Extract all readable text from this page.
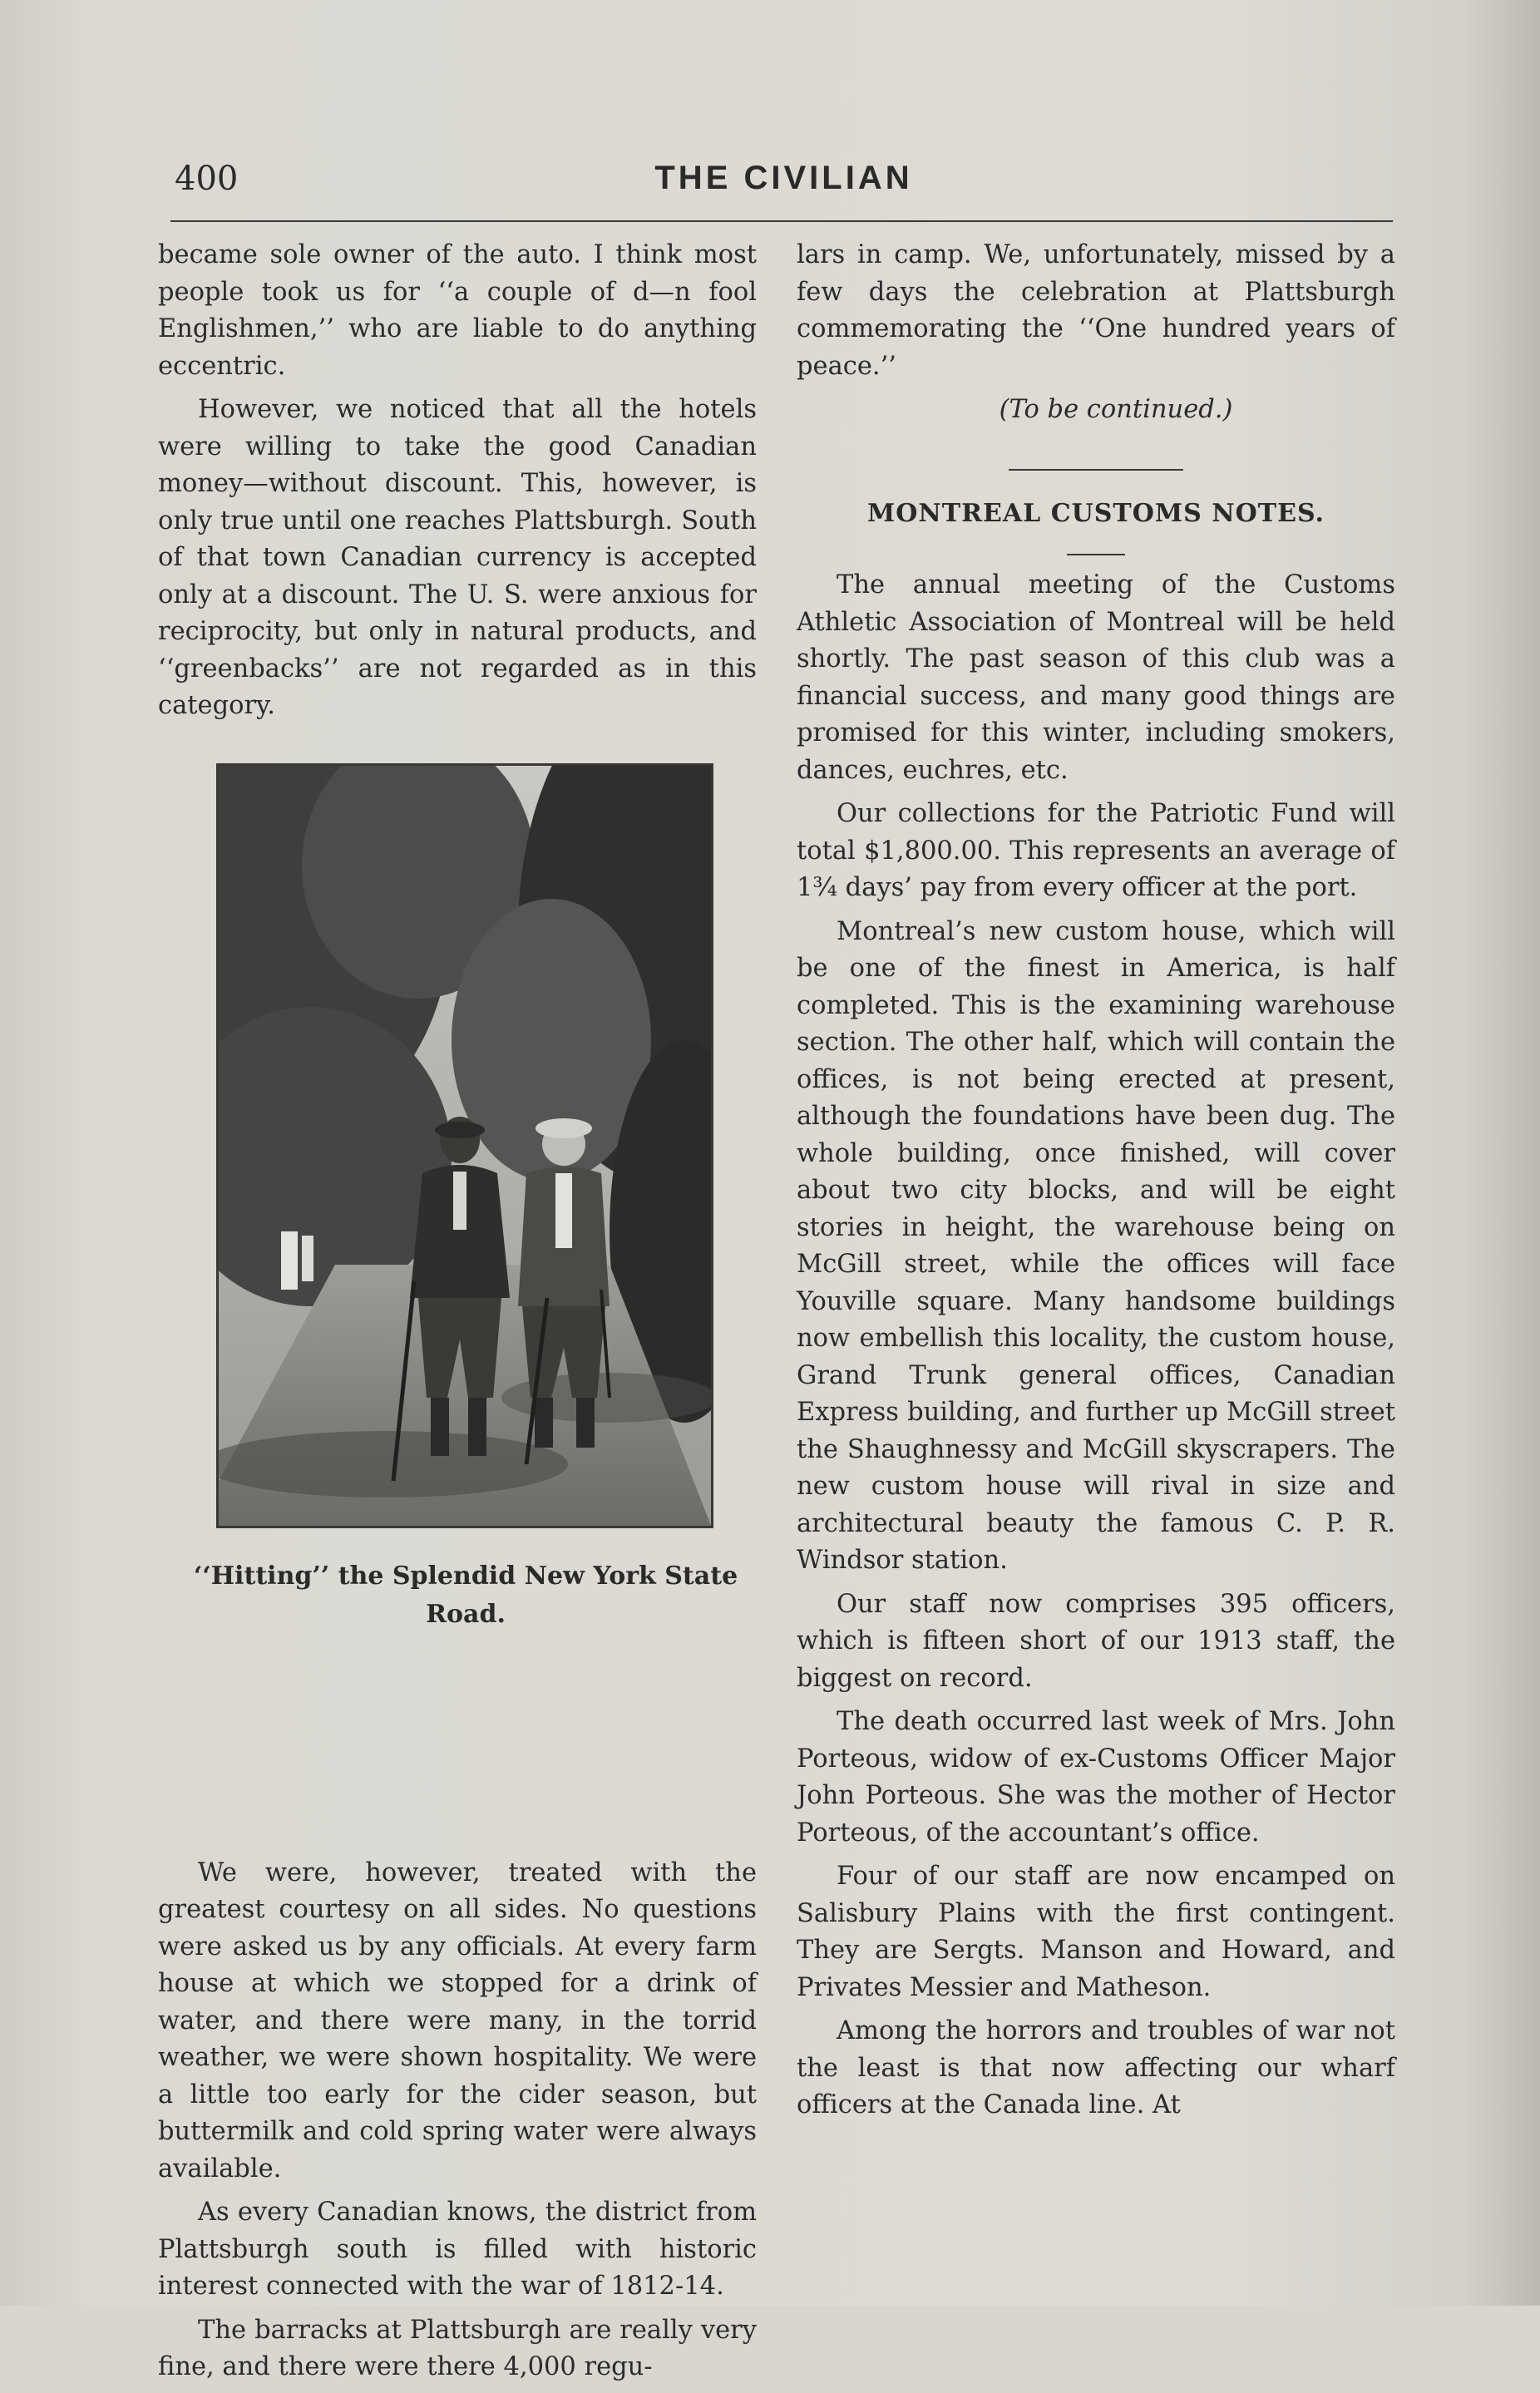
400	THE CIVILIAN

became sole owner of the auto. I think most people took us for ‘‘a couple of d—n fool Englishmen,’’ who are liable to do anything eccentric.

However, we noticed that all the hotels were willing to take the good Canadian money—without discount. This, however, is only true until one reaches Plattsburgh. South of that town Canadian currency is accepted only at a discount. The U. S. were anxious for reciprocity, but only in natural products, and ‘‘greenbacks’’ are not regarded as in this category.

‘‘Hitting’’ the Splendid New York State Road.

We were, however, treated with the greatest courtesy on all sides. No questions were asked us by any officials. At every farm house at which we stopped for a drink of water, and there were many, in the torrid weather, we were shown hospitality. We were a little too early for the cider season, but buttermilk and cold spring water were always available.

As every Canadian knows, the district from Plattsburgh south is filled with historic interest connected with the war of 1812-14.

The barracks at Plattsburgh are really very fine, and there were there 4,000 regu-

lars in camp. We, unfortunately, missed by a few days the celebration at Plattsburgh commemorating the ‘‘One hundred years of peace.’’

(To be continued.)

MONTREAL CUSTOMS NOTES.

The annual meeting of the Customs Athletic Association of Montreal will be held shortly. The past season of this club was a financial success, and many good things are promised for this winter, including smokers, dances, euchres, etc.

Our collections for the Patriotic Fund will total $1,800.00. This represents an average of 1¾ days’ pay from every officer at the port.

Montreal’s new custom house, which will be one of the finest in America, is half completed. This is the examining warehouse section. The other half, which will contain the offices, is not being erected at present, although the foundations have been dug. The whole building, once finished, will cover about two city blocks, and will be eight stories in height, the warehouse being on McGill street, while the offices will face Youville square. Many handsome buildings now embellish this locality, the custom house, Grand Trunk general offices, Canadian Express building, and further up McGill street the Shaughnessy and McGill skyscrapers. The new custom house will rival in size and architectural beauty the famous C. P. R. Windsor station.

Our staff now comprises 395 officers, which is fifteen short of our 1913 staff, the biggest on record.

The death occurred last week of Mrs. John Porteous, widow of ex-Customs Officer Major John Porteous. She was the mother of Hector Porteous, of the accountant’s office.

Four of our staff are now encamped on Salisbury Plains with the first contingent. They are Sergts. Manson and Howard, and Privates Messier and Matheson.

Among the horrors and troubles of war not the least is that now affecting our wharf officers at the Canada line. At
